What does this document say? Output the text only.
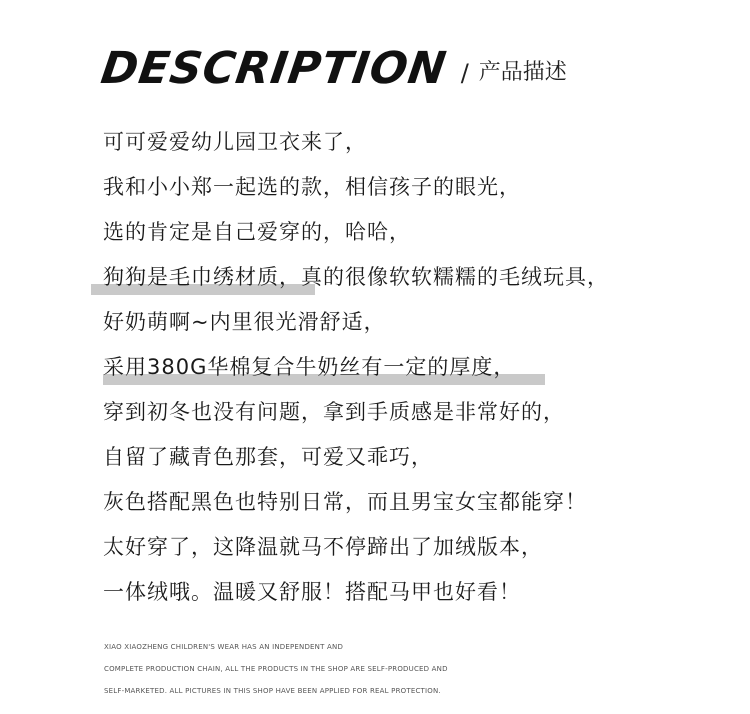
DESCRIPTION / 产品描述
可可爱爱幼儿园卫衣来了，
我和小小郑一起选的款，相信孩子的眼光，
选的肯定是自己爱穿的，哈哈，
狗狗是毛巾绣材质，真的很像软软糯糯的毛绒玩具，
好奶萌啊~内里很光滑舒适，
采用380G华棉复合牛奶丝有一定的厚度，
穿到初冬也没有问题，拿到手质感是非常好的，
自留了藏青色那套，可爱又乖巧，
灰色搭配黑色也特别日常，而且男宝女宝都能穿！
太好穿了，这降温就马不停蹄出了加绒版本，
一体绒哦。温暖又舒服！搭配马甲也好看！
XIAO XIAOZHENG CHILDREN'S WEAR HAS AN INDEPENDENT AND
COMPLETE PRODUCTION CHAIN, ALL THE PRODUCTS IN THE SHOP ARE SELF-PRODUCED AND
SELF-MARKETED. ALL PICTURES IN THIS SHOP HAVE BEEN APPLIED FOR REAL PROTECTION.
